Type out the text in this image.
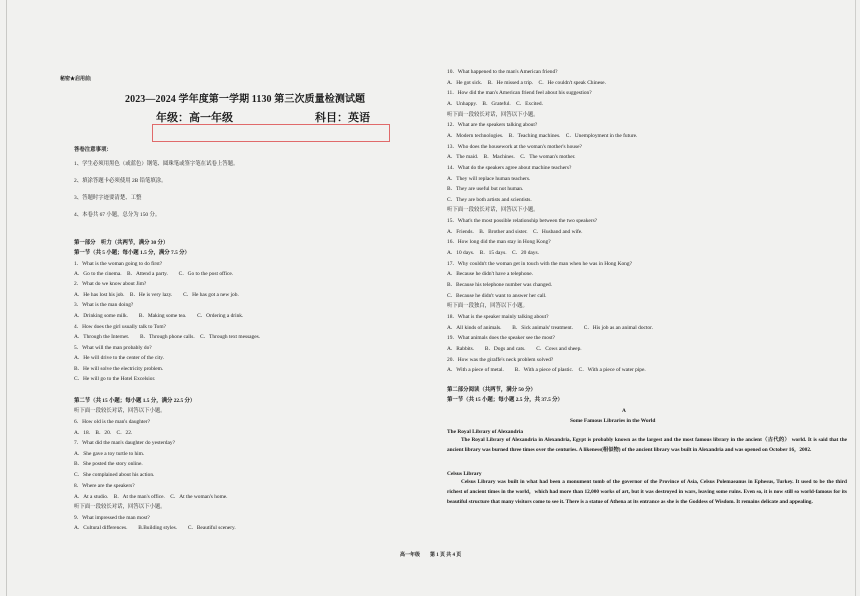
秘密★启用前|
2023—2024 学年度第一学期 1130 第三次质量检测试题
年级：高一年级	科目：英语
答卷注意事项：
1、学生必须用黑色（或蓝色）钢笔、圆珠笔或签字笔在试卷上答题。
2、填涂答题卡必须使用 2B 铅笔填涂。
3、答题时字迹要清楚、工整
4、本卷共 67 小题，总分为 150 分。
第一部分　听力（共两节，满分 30 分）
第一节（共 5 小题；每小题 1.5 分，满分 7.5 分）
1．What is the woman going to do first?
A．Go to the cinema.　B．Attend a party.　　C．Go to the post office.
2．What do we know about Jim?
A．He has lost his job.　B．He is very lazy.　　C．He has got a new job.
3．What is the man doing?
A．Drinking some milk.　　B．Making some tea.　　C．Ordering a drink.
4．How does the girl usually talk to Tom?
A．Through the Internet.　　B．Through phone calls.　C．Through text messages.
5．What will the man probably do?
A．He will drive to the center of the city.
B．He will solve the electricity problem.
C．He will go to the Hotel Excelsior.
第二节（共 15 小题；每小题 1.5 分，满分 22.5 分）
听下面一段较长对话，回答以下小题。
6．How old is the man's daughter?
A．18.　B．20.　C．22.
7．What did the man's daughter do yesterday?
A．She gave a toy turtle to him.
B．She posted the story online.
C．She complained about his action.
8．Where are the speakers?
A．At a studio.　B．At the man's office.　C．At the woman's home.
听下面一段较长对话，回答以下小题。
9．What impressed the man most?
A．Cultural differences.　　B.Building styles.　　C．Beautiful scenery.
10．What happened to the man's American friend?
A．He got sick.　B．He missed a trip.　C．He couldn't speak Chinese.
11．How did the man's American friend feel about his suggestion?
A．Unhappy.　B．Grateful.　C．Excited.
听下面一段较长对话，回答以下小题。
12．What are the speakers talking about?
A．Modern technologies.　B．Teaching machines.　C．Unemployment in the future.
13．Who does the housework at the woman's mother's house?
A．The maid.　B．Machines.　C．The woman's mother.
14．What do the speakers agree about machine teachers?
A．They will replace human teachers.
B．They are useful but not human.
C．They are both artists and scientists.
听下面一段较长对话，回答以下小题。
15．What's the most possible relationship between the two speakers?
A．Friends.　B．Brother and sister.　C．Husband and wife.
16．How long did the man stay in Hong Kong?
A．10 days.　B．15 days.　C．20 days.
17．Why couldn't the woman get in touch with the man when he was in Hong Kong?
A．Because he didn't have a telephone.
B．Because his telephone number was changed.
C．Because he didn't want to answer her call.
听下面一段独白，回答以下小题。
18．What is the speaker mainly talking about?
A．All kinds of animals.　　B．Sick animals' treatment.　　C．His job as an animal doctor.
19．What animals does the speaker see the most?
A．Rabbits.　　B．Dogs and cats.　　C．Cows and sheep.
20．How was the giraffe's neck problem solved?
A．With a piece of metal.　　B．With a piece of plastic.　C．With a piece of water pipe.
第二部分阅读（共两节，满分 50 分）
第一节（共 15 小题；每小题 2.5 分，共 37.5 分）
A
Some Famous Libraries in the World
The Royal Library of Alexandria
The Royal Library of Alexandria in Alexandria, Egypt is probably known as the largest and the most famous library in the ancient（古代的） world. It is said that the ancient library was burned three times over the centuries. A likeness(相似物) of the ancient library was built in Alexandria and was opened on October 16，2002.
Celsus Library
Celsus Library was built in what had been a monument tomb of the governor of the Province of Asia, Celsus Polemaeanus in Ephesus, Turkey. It used to be the third richest of ancient times in the world，which had more than 12,000 works of art, but it was destroyed in wars, leaving some ruins. Even so, it is now still so world-famous for its beautiful structure that many visitors come to see it. There is a statue of Athena at its entrance as she is the Goddess of Wisdom. It remains delicate and appealing.
高一年级　　第 1 页 共 4 页
